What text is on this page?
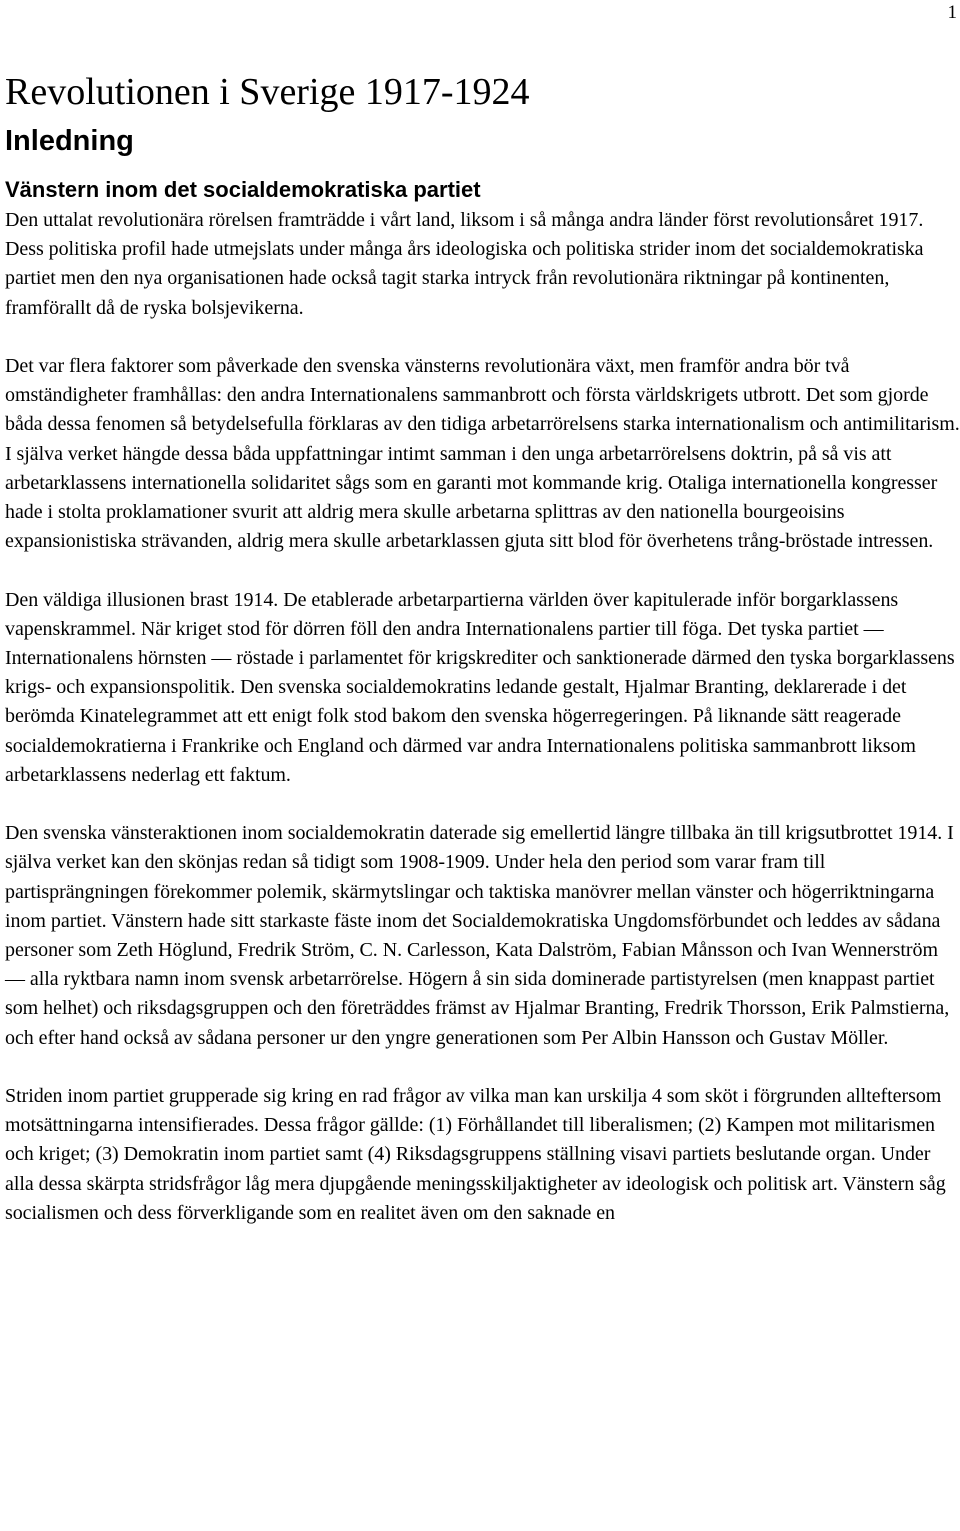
1
Revolutionen i Sverige 1917-1924
Inledning
Vänstern inom det socialdemokratiska partiet

Den uttalat revolutionära rörelsen framträdde i vårt land, liksom i så många andra länder först revolutionsåret 1917. Dess politiska profil hade utmejslats under många års ideologiska och politiska strider inom det socialdemokratiska partiet men den nya organisationen hade också tagit starka intryck från revolutionära riktningar på kontinenten, framförallt då de ryska bolsjevikerna.

Det var flera faktorer som påverkade den svenska vänsterns revolutionära växt, men framför andra bör två omständigheter framhållas: den andra Internationalens sammanbrott och första världskrigets utbrott. Det som gjorde båda dessa fenomen så betydelsefulla förklaras av den tidiga arbetarrörelsens starka internationalism och antimilitarism. I själva verket hängde dessa båda uppfattningar intimt samman i den unga arbetarrörelsens doktrin, på så vis att arbetarklassens internationella solidaritet sågs som en garanti mot kommande krig. Otaliga internationella kongresser hade i stolta proklamationer svurit att aldrig mera skulle arbetarna splittras av den nationella bourgeoisins expansionistiska strävanden, aldrig mera skulle arbetarklassen gjuta sitt blod för överhetens trång-bröstade intressen.

Den väldiga illusionen brast 1914. De etablerade arbetarpartierna världen över kapitulerade inför borgarklassens vapenskrammel. När kriget stod för dörren föll den andra Internationalens partier till föga. Det tyska partiet — Internationalens hörnsten — röstade i parlamentet för krigskrediter och sanktionerade därmed den tyska borgarklassens krigs- och expansionspolitik. Den svenska socialdemokratins ledande gestalt, Hjalmar Branting, deklarerade i det berömda Kinatelegrammet att ett enigt folk stod bakom den svenska högerregeringen. På liknande sätt reagerade socialdemokratierna i Frankrike och England och därmed var andra Internationalens politiska sammanbrott liksom arbetarklassens nederlag ett faktum.

Den svenska vänsteraktionen inom socialdemokratin daterade sig emellertid längre tillbaka än till krigsutbrottet 1914. I själva verket kan den skönjas redan så tidigt som 1908-1909. Under hela den period som varar fram till partisprängningen förekommer polemik, skärmytslingar och taktiska manövrer mellan vänster och högerriktningarna inom partiet. Vänstern hade sitt starkaste fäste inom det Socialdemokratiska Ungdomsförbundet och leddes av sådana personer som Zeth Höglund, Fredrik Ström, C. N. Carlesson, Kata Dalström, Fabian Månsson och Ivan Wennerström — alla ryktbara namn inom svensk arbetarrörelse. Högern å sin sida dominerade partistyrelsen (men knappast partiet som helhet) och riksdagsgruppen och den företräddes främst av Hjalmar Branting, Fredrik Thorsson, Erik Palmstierna, och efter hand också av sådana personer ur den yngre generationen som Per Albin Hansson och Gustav Möller.

Striden inom partiet grupperade sig kring en rad frågor av vilka man kan urskilja 4 som sköt i förgrunden allteftersom motsättningarna intensifierades. Dessa frågor gällde: (1) Förhållandet till liberalismen; (2) Kampen mot militarismen och kriget; (3) Demokratin inom partiet samt (4) Riksdagsgruppens ställning visavi partiets beslutande organ. Under alla dessa skärpta stridsfrågor låg mera djupgående meningsskiljaktigheter av ideologisk och politisk art. Vänstern såg socialismen och dess förverkligande som en realitet även om den saknade en
